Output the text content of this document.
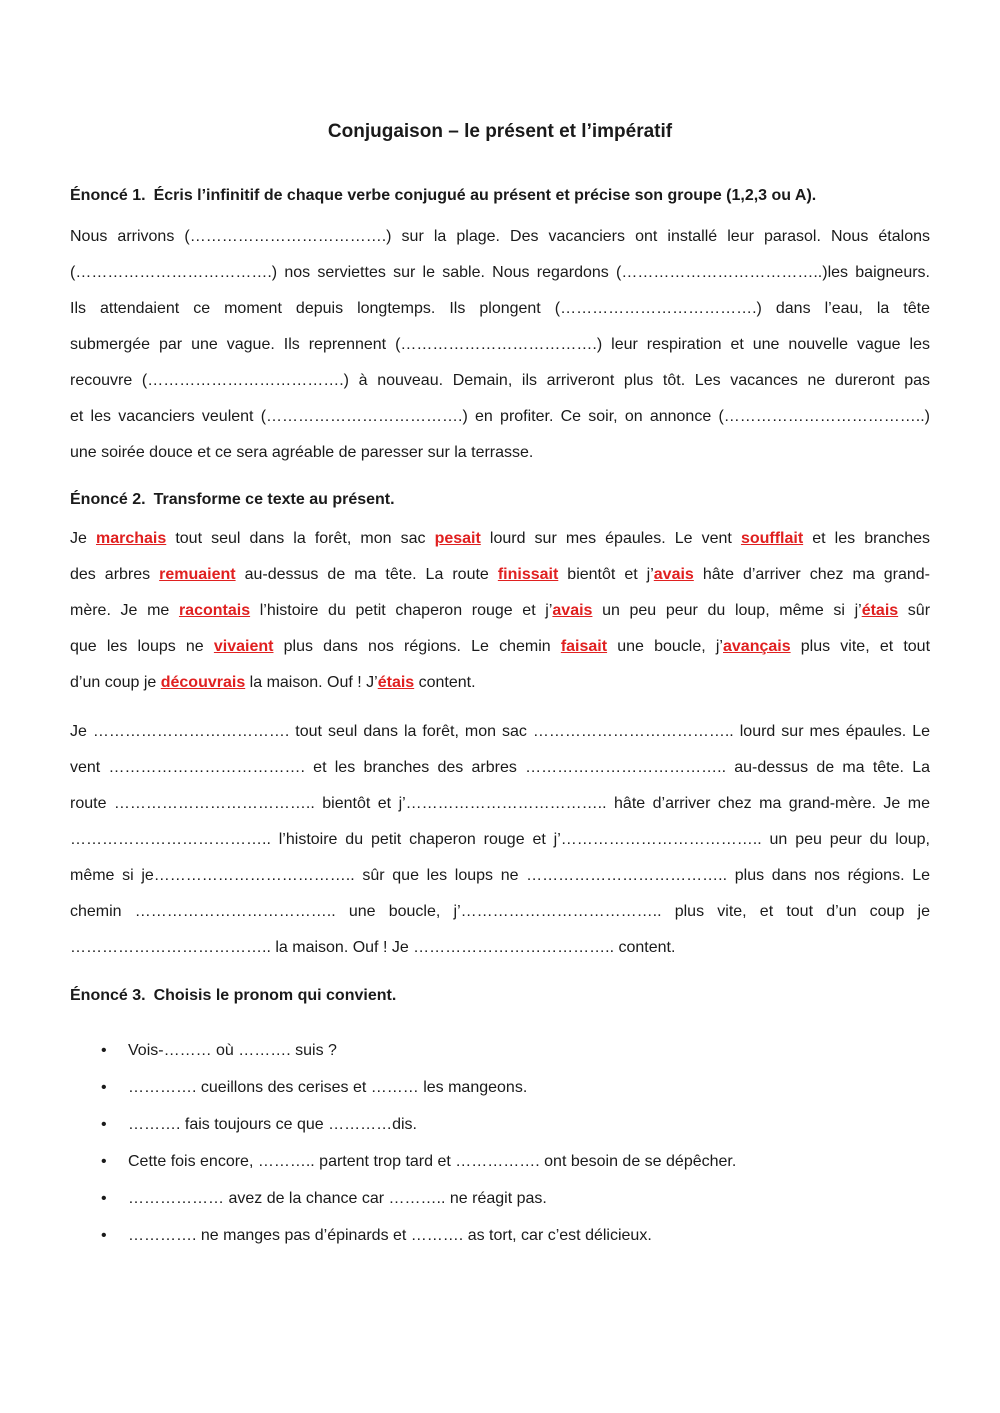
Conjugaison – le présent et l’impératif

Énoncé 1. Écris l’infinitif de chaque verbe conjugué au présent et précise son groupe (1,2,3 ou A).

Nous arrivons (……………………………….) sur la plage. Des vacanciers ont installé leur parasol. Nous étalons
(……………………………….) nos serviettes sur le sable. Nous regardons (………………………………..)les baigneurs.
Ils attendaient ce moment depuis longtemps. Ils plongent (……………………………….) dans l’eau, la tête
submergée par une vague. Ils reprennent (……………………………….) leur respiration et une nouvelle vague les
recouvre (……………………………….) à nouveau. Demain, ils arriveront plus tôt. Les vacances ne dureront pas
et les vacanciers veulent (……………………………….) en profiter. Ce soir, on annonce (………………………………..)
une soirée douce et ce sera agréable de paresser sur la terrasse.

Énoncé 2. Transforme ce texte au présent.

Je marchais tout seul dans la forêt, mon sac pesait lourd sur mes épaules. Le vent soufflait et les branches
des arbres remuaient au-dessus de ma tête. La route finissait bientôt et j’avais hâte d’arriver chez ma grand-
mère. Je me racontais l’histoire du petit chaperon rouge et j’avais un peu peur du loup, même si j’étais sûr
que les loups ne vivaient plus dans nos régions. Le chemin faisait une boucle, j’avançais plus vite, et tout
d’un coup je découvrais la maison. Ouf ! J’étais content.
Je ………………………………. tout seul dans la forêt, mon sac ……………………………….. lourd sur mes épaules. Le
vent ………………………………. et les branches des arbres ……………………………….. au-dessus de ma tête. La
route ……………………………….. bientôt et j’……………………………….. hâte d’arriver chez ma grand-mère. Je me
……………………………….. l’histoire du petit chaperon rouge et j’……………………………….. un peu peur du loup,
même si je……………………………….. sûr que les loups ne ……………………………….. plus dans nos régions. Le
chemin ……………………………….. une boucle, j’……………………………….. plus vite, et tout d’un coup je
……………………………….. la maison. Ouf ! Je ……………………………….. content.

Énoncé 3. Choisis le pronom qui convient.

• Vois-……… où ………. suis ?
• …………. cueillons des cerises et ……… les mangeons.
• ………. fais toujours ce que …………dis.
• Cette fois encore, ……….. partent trop tard et ……………. ont besoin de se dépêcher.
• ……………… avez de la chance car ……….. ne réagit pas.
• …………. ne manges pas d’épinards et ………. as tort, car c’est délicieux.
